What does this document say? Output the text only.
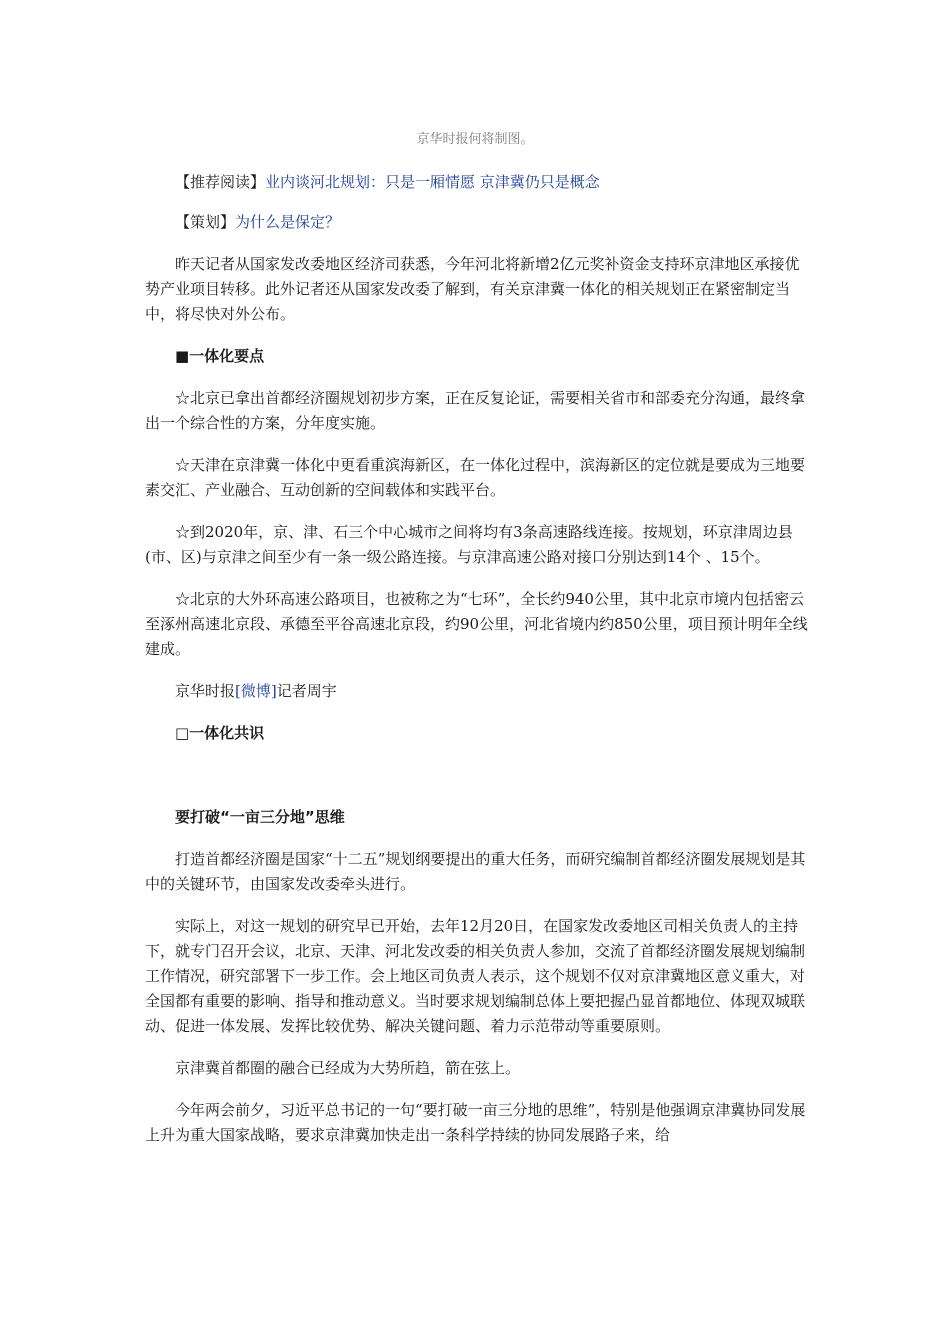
京华时报何将制图。

【推荐阅读】业内谈河北规划：只是一厢情愿 京津冀仍只是概念

【策划】为什么是保定？

昨天记者从国家发改委地区经济司获悉，今年河北将新增2亿元奖补资金支持环京津地区承接优势产业项目转移。此外记者还从国家发改委了解到，有关京津冀一体化的相关规划正在紧密制定当中，将尽快对外公布。

■一体化要点

☆北京已拿出首都经济圈规划初步方案，正在反复论证，需要相关省市和部委充分沟通，最终拿出一个综合性的方案，分年度实施。

☆天津在京津冀一体化中更看重滨海新区，在一体化过程中，滨海新区的定位就是要成为三地要素交汇、产业融合、互动创新的空间载体和实践平台。

☆到2020年，京、津、石三个中心城市之间将均有3条高速路线连接。按规划，环京津周边县(市、区)与京津之间至少有一条一级公路连接。与京津高速公路对接口分别达到14个 、15个。

☆北京的大外环高速公路项目，也被称之为“七环”，全长约940公里，其中北京市境内包括密云至涿州高速北京段、承德至平谷高速北京段，约90公里，河北省境内约850公里，项目预计明年全线建成。

京华时报[微博]记者周宇

□一体化共识

要打破“一亩三分地”思维

打造首都经济圈是国家“十二五”规划纲要提出的重大任务，而研究编制首都经济圈发展规划是其中的关键环节，由国家发改委牵头进行。

实际上，对这一规划的研究早已开始，去年12月20日，在国家发改委地区司相关负责人的主持下，就专门召开会议，北京、天津、河北发改委的相关负责人参加，交流了首都经济圈发展规划编制工作情况，研究部署下一步工作。会上地区司负责人表示，这个规划不仅对京津冀地区意义重大，对全国都有重要的影响、指导和推动意义。当时要求规划编制总体上要把握凸显首都地位、体现双城联动、促进一体发展、发挥比较优势、解决关键问题、着力示范带动等重要原则。

京津冀首都圈的融合已经成为大势所趋，箭在弦上。

今年两会前夕，习近平总书记的一句“要打破一亩三分地的思维”，特别是他强调京津冀协同发展上升为重大国家战略，要求京津冀加快走出一条科学持续的协同发展路子来，给
